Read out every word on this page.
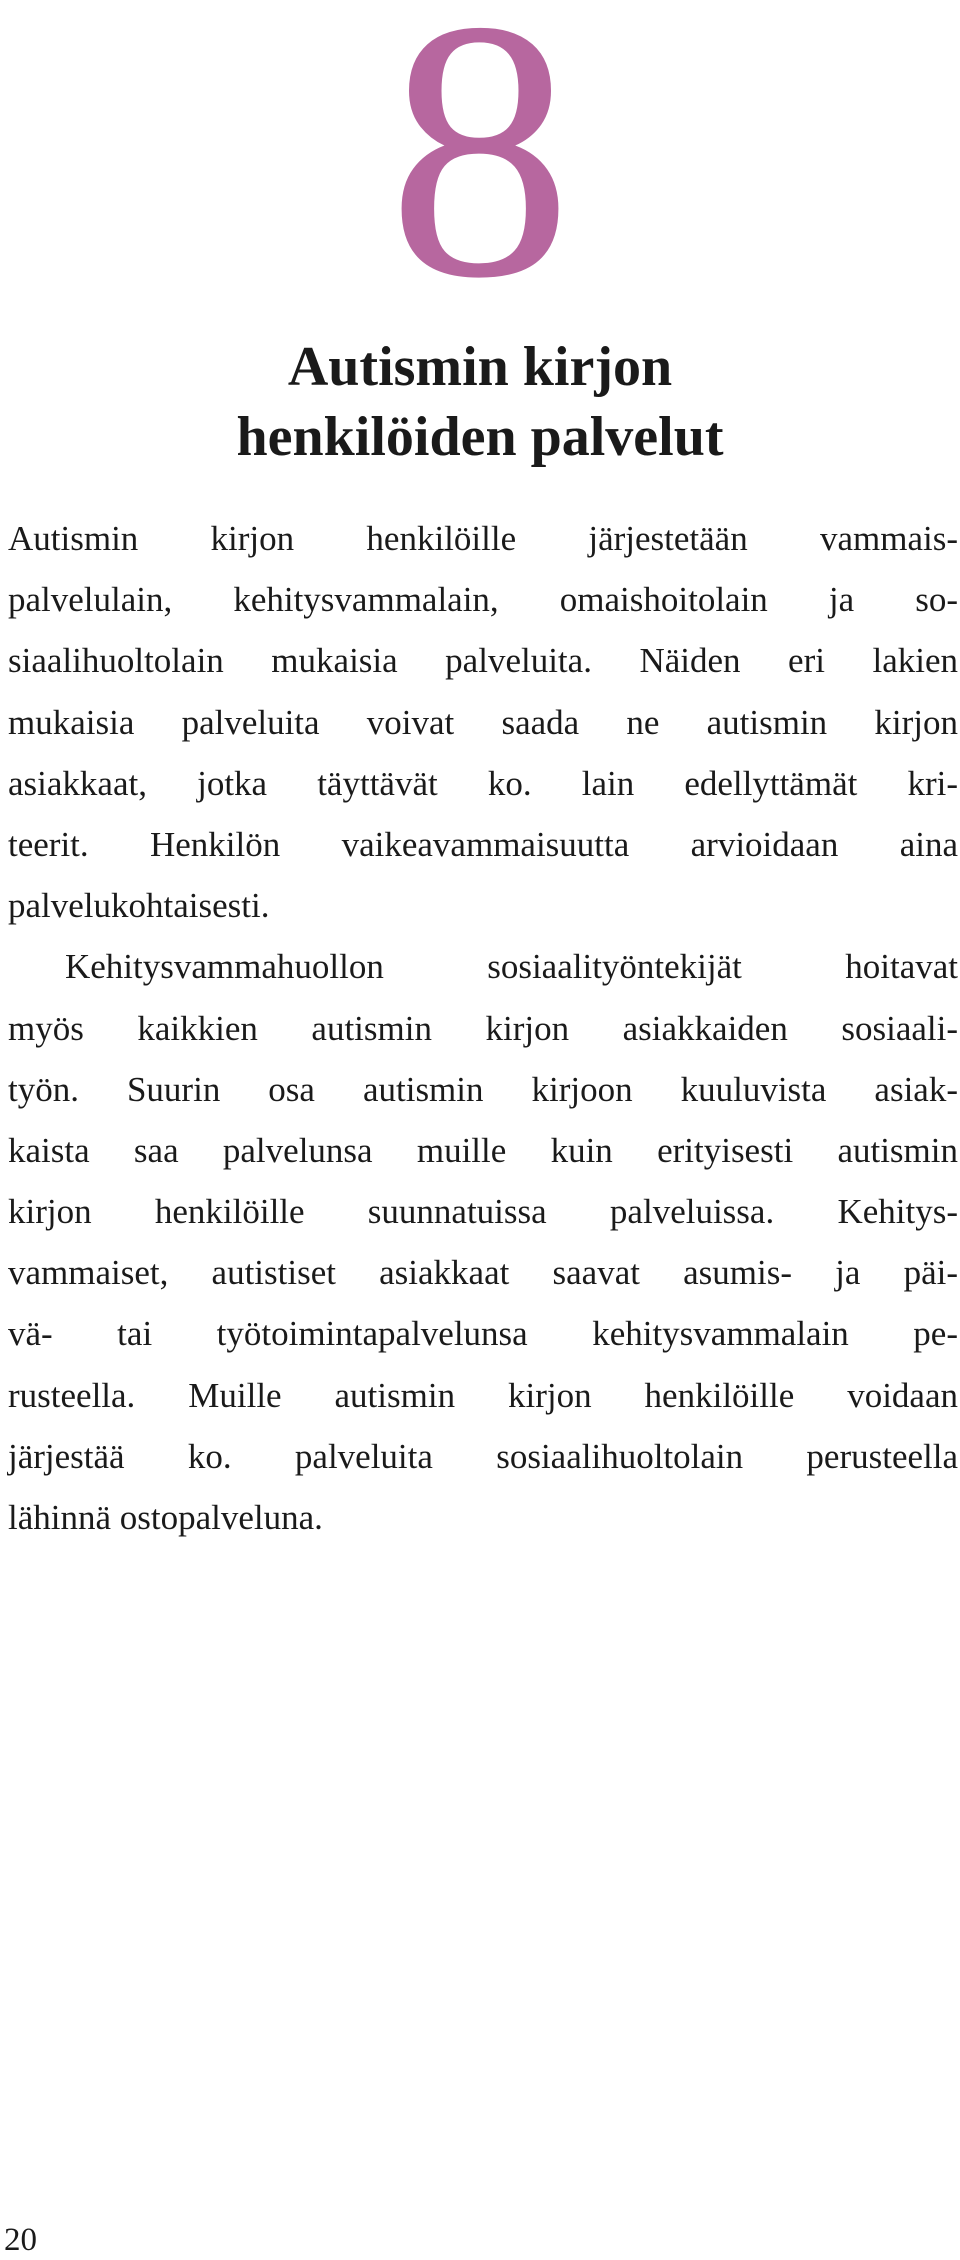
8
Autismin kirjon
henkilöiden palvelut
Autismin kirjon henkilöille järjestetään vammais-
palvelulain, kehitysvammalain, omaishoitolain ja so-
siaalihuoltolain mukaisia palveluita. Näiden eri lakien
mukaisia palveluita voivat saada ne autismin kirjon
asiakkaat, jotka täyttävät ko. lain edellyttämät kri-
teerit. Henkilön vaikeavammaisuutta arvioidaan aina
palvelukohtaisesti.
Kehitysvammahuollon sosiaalityöntekijät hoitavat
myös kaikkien autismin kirjon asiakkaiden sosiaali-
työn. Suurin osa autismin kirjoon kuuluvista asiak-
kaista saa palvelunsa muille kuin erityisesti autismin
kirjon henkilöille suunnatuissa palveluissa. Kehitys-
vammaiset, autistiset asiakkaat saavat asumis- ja päi-
vä- tai työtoimintapalvelunsa kehitysvammalain pe-
rusteella. Muille autismin kirjon henkilöille voidaan
järjestää ko. palveluita sosiaalihuoltolain perusteella
lähinnä ostopalveluna.
20
